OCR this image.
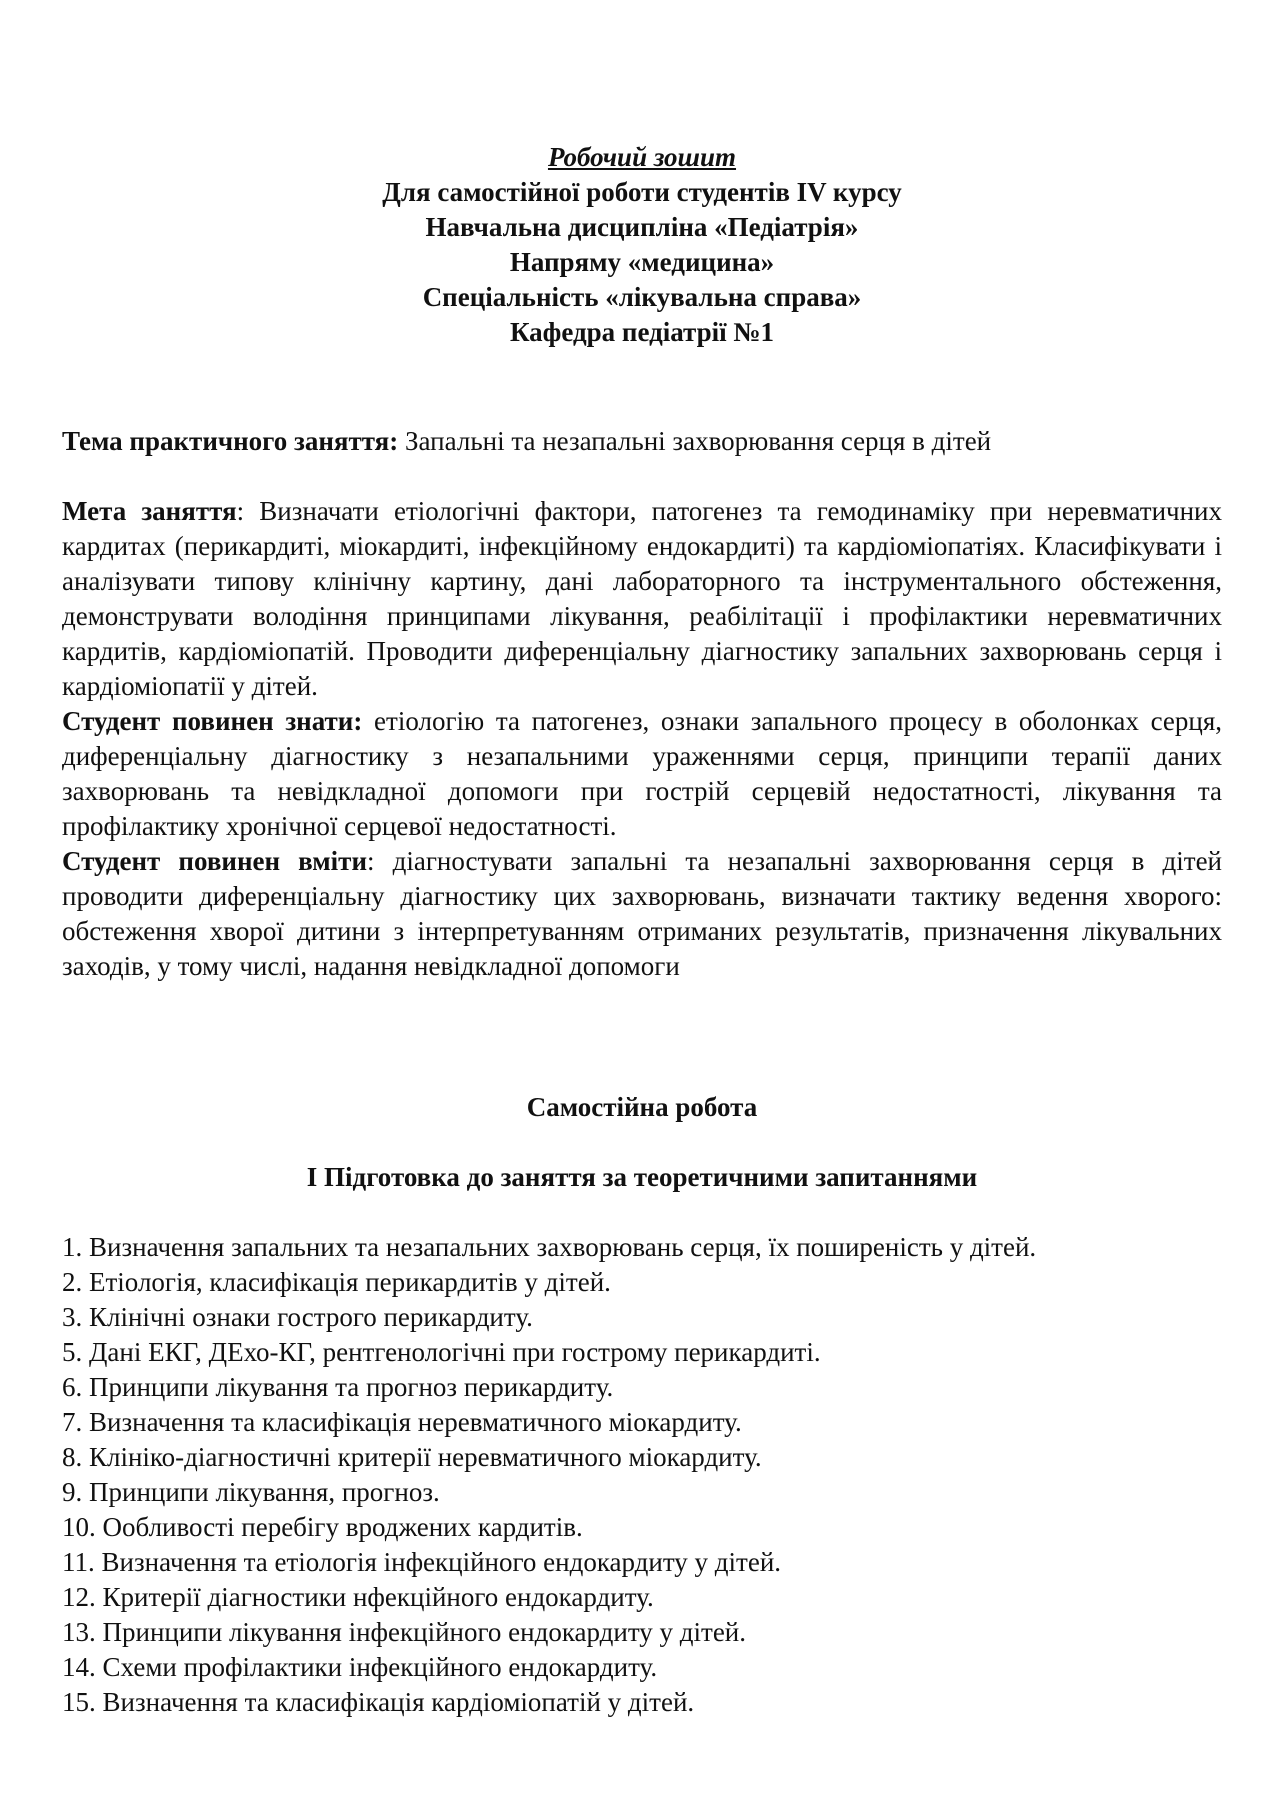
Робочий зошит
Для самостійної роботи студентів IV курсу
Навчальна дисципліна «Педіатрія»
Напряму «медицина»
Спеціальність «лікувальна справа»
Кафедра педіатрії №1
Тема практичного заняття: Запальні та незапальні захворювання серця в дітей
Мета заняття: Визначати етіологічні фактори, патогенез та гемодинаміку при неревматичних кардитах (перикардиті, міокардиті, інфекційному ендокардиті) та кардіоміопатіях. Класифікувати і аналізувати типову клінічну картину, дані лабораторного та інструментального обстеження, демонструвати володіння принципами лікування, реабілітації і профілактики неревматичних кардитів, кардіоміопатій. Проводити диференціальну діагностику запальних захворювань серця і кардіоміопатії у дітей.
Студент повинен знати: етіологію та патогенез, ознаки запального процесу в оболонках серця, диференціальну діагностику з незапальними ураженнями серця, принципи терапії даних захворювань та невідкладної допомоги при гострій серцевій недостатності, лікування та профілактику хронічної серцевої недостатності.
Студент повинен вміти: діагностувати запальні та незапальні захворювання серця в дітей проводити диференціальну діагностику цих захворювань, визначати тактику ведення хворого: обстеження хворої дитини з інтерпретуванням отриманих результатів, призначення лікувальних заходів, у тому числі, надання невідкладної допомоги
Самостійна робота
I Підготовка до заняття за теоретичними запитаннями
1. Визначення запальних та незапальних захворювань серця, їх поширеність у дітей.
2. Етіологія, класифікація перикардитів у дітей.
3. Клінічні ознаки гострого перикардиту.
5. Дані ЕКГ, ДЕхо-КГ, рентгенологічні при гострому перикардиті.
6. Принципи лікування та прогноз перикардиту.
7. Визначення та класифікація неревматичного міокардиту.
8. Клініко-діагностичні критерії неревматичного міокардиту.
9. Принципи лікування, прогноз.
10. Ообливості перебігу вроджених кардитів.
11. Визначення та етіологія інфекційного ендокардиту у дітей.
12. Критерії діагностики нфекційного ендокардиту.
13. Принципи лікування інфекційного ендокардиту у дітей.
14. Схеми профілактики інфекційного ендокардиту.
15. Визначення та класифікація кардіоміопатій у дітей.
